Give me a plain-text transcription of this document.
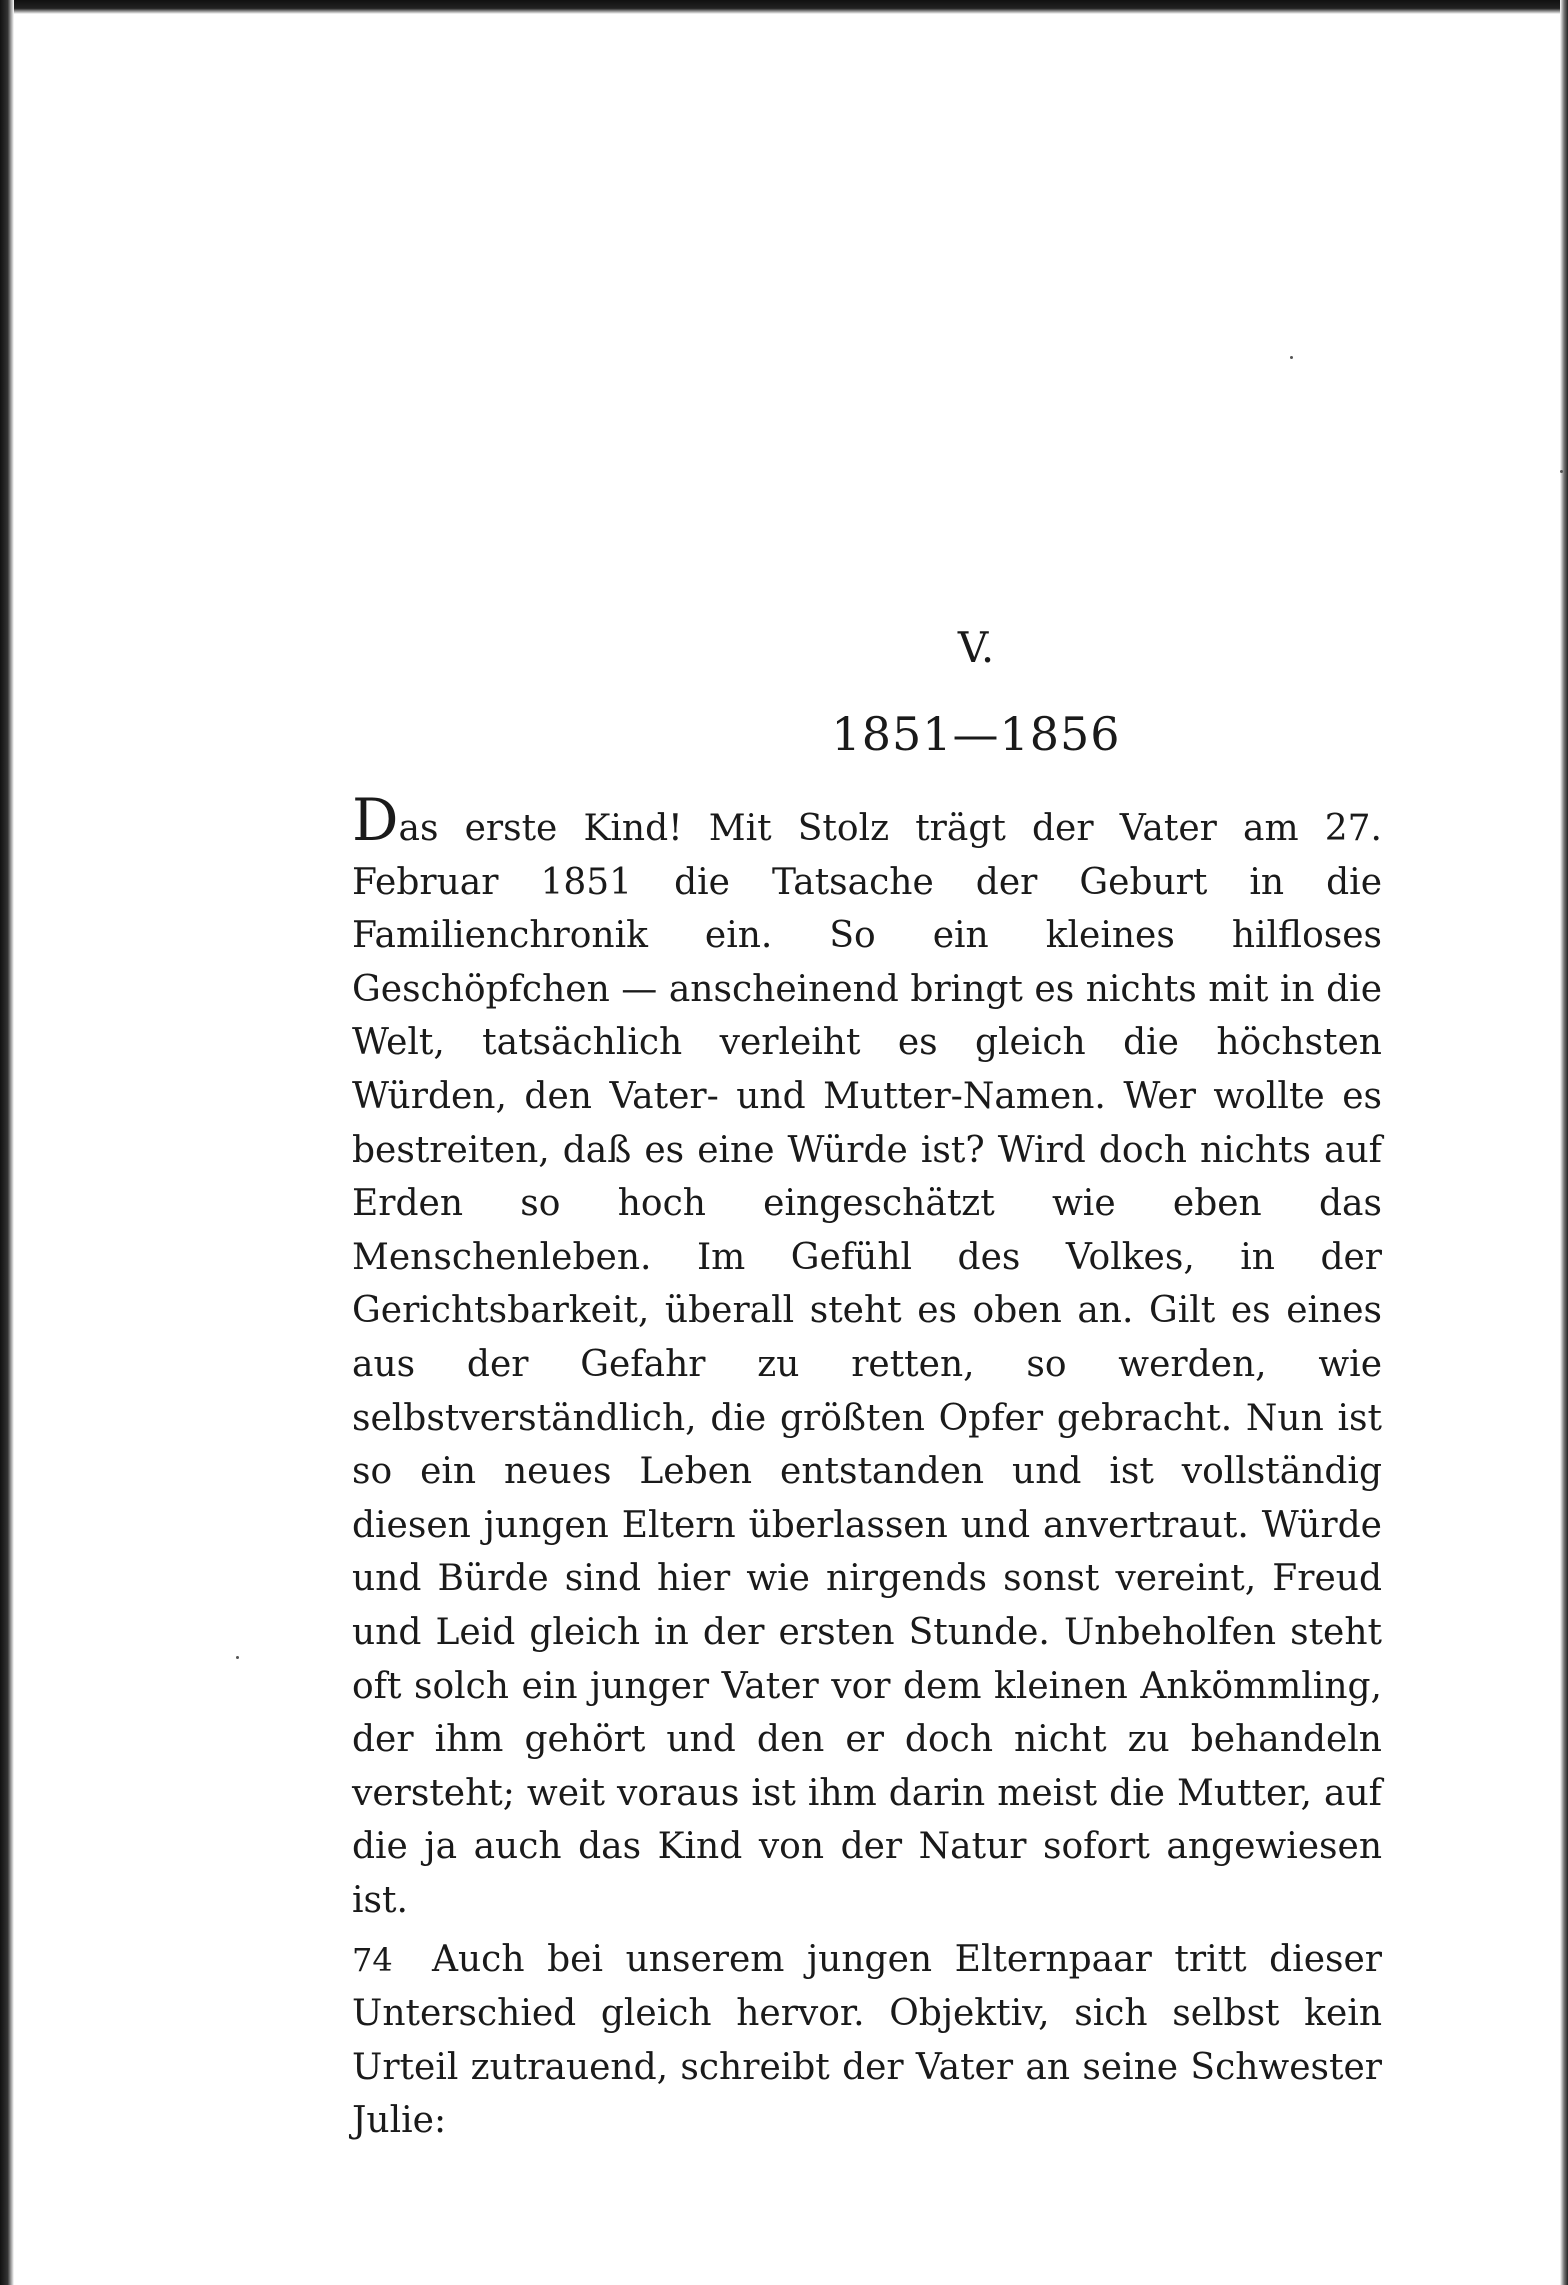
V.
1851—1856

Das erste Kind! Mit Stolz trägt der Vater am 27. Februar 1851 die Tatsache der Geburt in die Familienchronik ein. So ein kleines hilfloses Geschöpfchen — anscheinend bringt es nichts mit in die Welt, tatsächlich verleiht es gleich die höchsten Würden, den Vater- und Mutter-Namen. Wer wollte es bestreiten, daß es eine Würde ist? Wird doch nichts auf Erden so hoch eingeschätzt wie eben das Menschenleben. Im Gefühl des Volkes, in der Gerichtsbarkeit, überall steht es oben an. Gilt es eines aus der Gefahr zu retten, so werden, wie selbstverständlich, die größten Opfer gebracht. Nun ist so ein neues Leben entstanden und ist vollständig diesen jungen Eltern überlassen und anvertraut. Würde und Bürde sind hier wie nirgends sonst vereint, Freud und Leid gleich in der ersten Stunde. Unbeholfen steht oft solch ein junger Vater vor dem kleinen Ankömmling, der ihm gehört und den er doch nicht zu behandeln versteht; weit voraus ist ihm darin meist die Mutter, auf die ja auch das Kind von der Natur sofort angewiesen ist.

Auch bei unserem jungen Elternpaar tritt dieser Unterschied gleich hervor. Objektiv, sich selbst kein Urteil zutrauend, schreibt der Vater an seine Schwester Julie:

74
